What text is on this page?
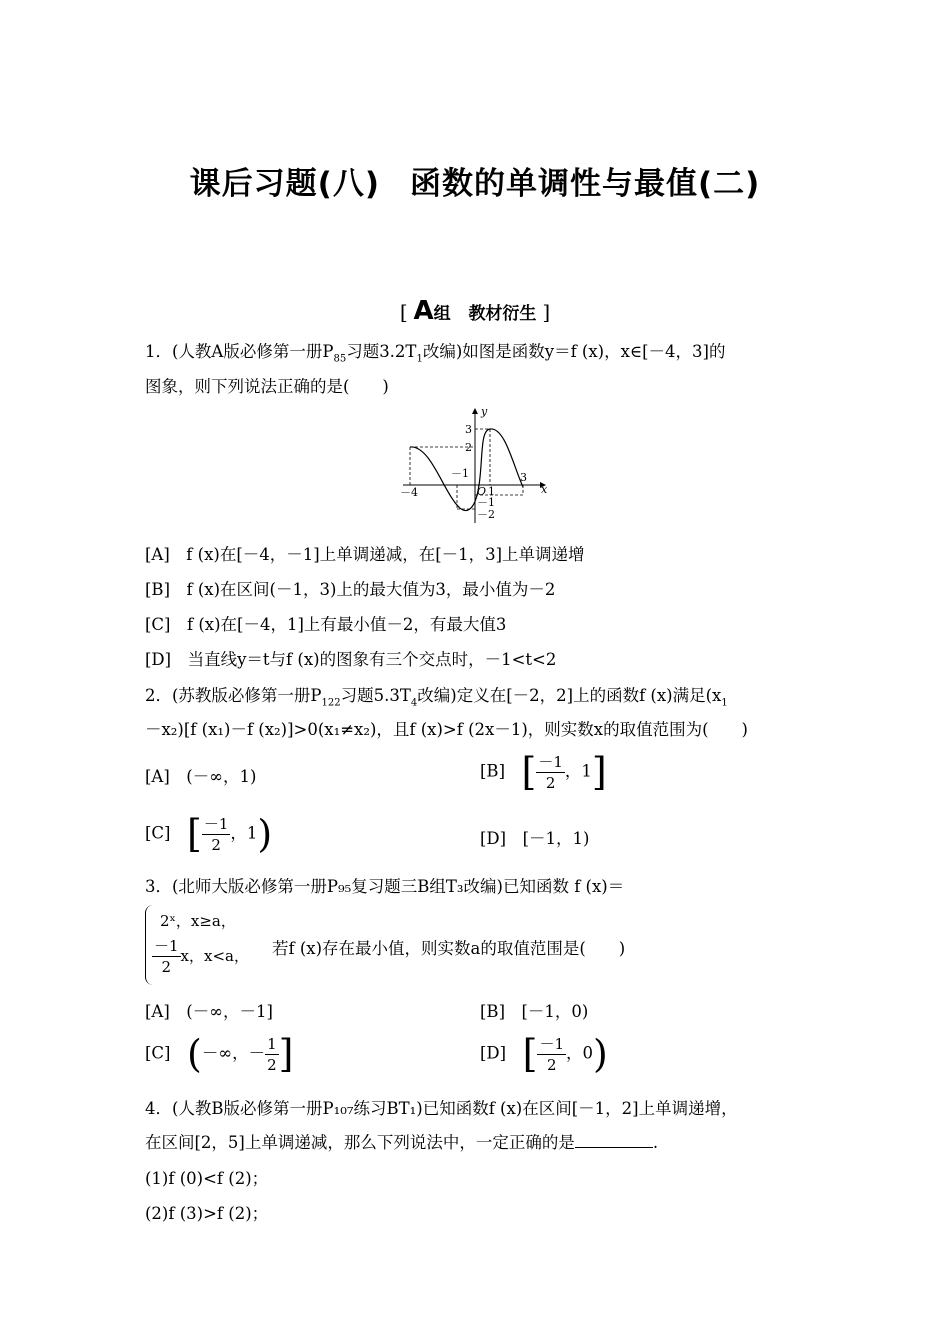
课后习题(八) 函数的单调性与最值(二)
[ A组 教材衍生 ]
1．(人教A版必修第一册$P_{85}$习题$3.2T_1$改编)如图是函数y＝f (x)，x∈[－4，3]的
图象，则下列说法正确的是(　　)
y
x
O
3
2
－1
1
3
－4
－1
－2
[A]　f (x)在[－4，－1]上单调递减，在[－1，3]上单调递增
[B]　f (x)在区间(－1，3)上的最大值为3，最小值为－2
[C]　f (x)在[－4，1]上有最小值－2，有最大值3
[D]　当直线y＝t与f (x)的图象有三个交点时，－1<t<2
2．(苏教版必修第一册$P_{122}$习题$5.3T_4$改编)定义在[－2，2]上的函数f (x)满足($x_1$
－x₂)[f (x₁)－f (x₂)]>0(x₁≠x₂)，且f (x)>f (2x－1)，则实数x的取值范围为(　　)
[A]　(－∞，1)	[B]　 [ $\frac{-1}{2}$ ，1]
[C]　 [ $\frac{-1}{2}$ ，1)	[D]　[－1，1)
3．(北师大版必修第一册P₉₅复习题三B组T₃改编)已知函数 f (x)＝
2ˣ，x≥a，
$\frac{-1}{2}$ x，x<a， 若f (x)存在最小值，则实数a的取值范围是(　　)
[A]　(－∞，－1]	[B]　[－1，0)
[C]　 (－∞，－ $\frac{1}{2}$ ]	[D]　 [ $\frac{-1}{2}$ ，0)
4．(人教B版必修第一册P₁₀₇练习BT₁)已知函数f (x)在区间[－1，2]上单调递增，
在区间[2，5]上单调递减，那么下列说法中，一定正确的是	.
(1)f (0)<f (2)；
(2)f (3)>f (2)；
